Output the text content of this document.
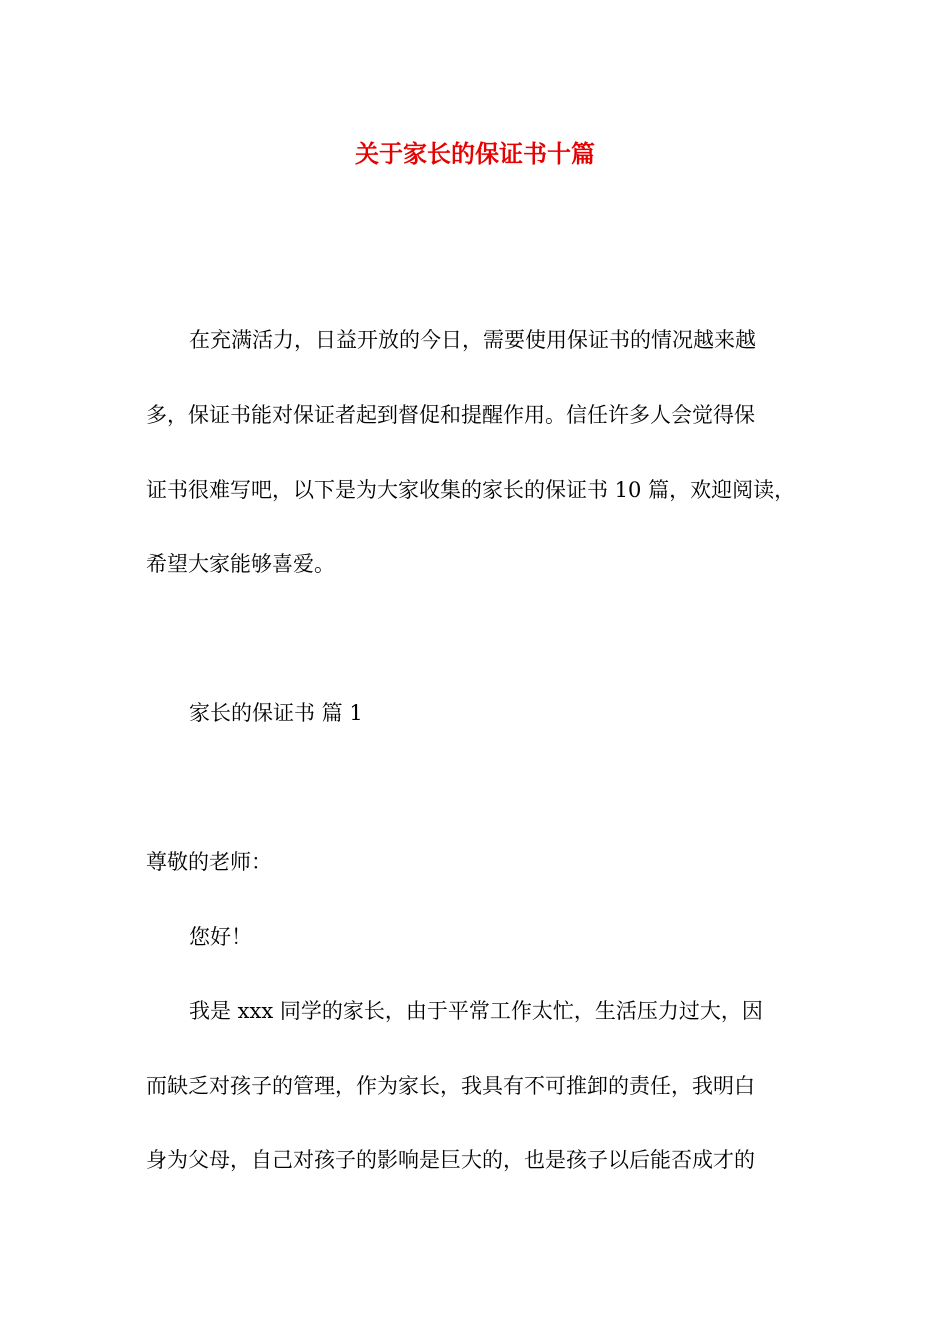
关于家长的保证书十篇
在充满活力，日益开放的今日，需要使用保证书的情况越来越
多，保证书能对保证者起到督促和提醒作用。信任许多人会觉得保
证书很难写吧，以下是为大家收集的家长的保证书 10 篇，欢迎阅读，
希望大家能够喜爱。
家长的保证书 篇 1
尊敬的老师：
您好！
我是 xxx 同学的家长，由于平常工作太忙，生活压力过大，因
而缺乏对孩子的管理，作为家长，我具有不可推卸的责任，我明白
身为父母，自己对孩子的影响是巨大的，也是孩子以后能否成才的
